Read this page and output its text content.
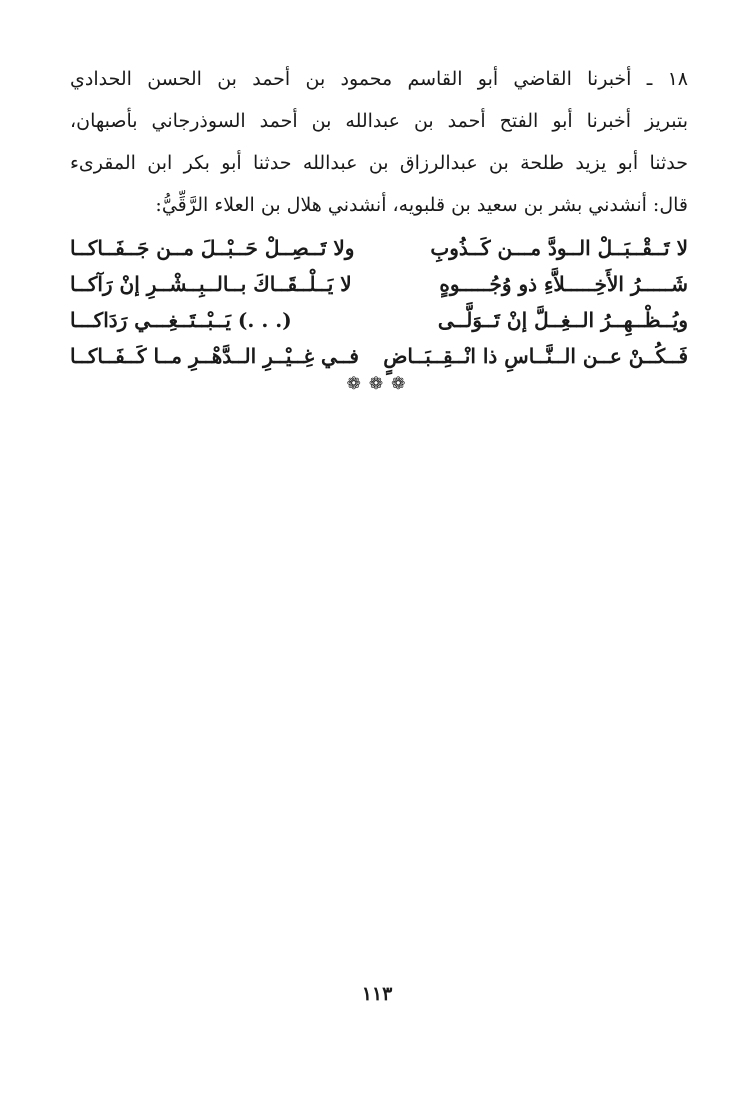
١٨ ـ أخبرنا القاضي أبو القاسم محمود بن أحمد بن الحسن الحدادي
بتبريز أخبرنا أبو الفتح أحمد بن عبدالله بن أحمد السوذرجاني بأصبهان،
حدثنا أبو يزيد طلحة بن عبدالرزاق بن عبدالله حدثنا أبو بكر ابن المقرىء
قال: أنشدني بشر بن سعيد بن قلبويه، أنشدني هلال بن العلاء الرَّقِّيُّ:
لا تَــقْــبَــلْ الــودَّ مـــن كَــذُوبِ
ولا تَــصِــلْ حَــبْــلَ مــن جَــفَــاكــا
شَـــــرُ الأَخِـــــلاَّءِ ذو وُجُـــــوهٍ
لا يَــلْــقَــاكَ بــالــبِــشْــرِ إنْ رَآكــا
ويُــظْــهِــرُ الــغِــلَّ إنْ تَــوَلَّــى
(. . .) يَــبْــتَــغِـــي رَدَاكـــا
فَــكُــنْ عــن الــنَّــاسِ ذا انْــقِــبَــاضٍ
فــي غِــيْــرِ الــدَّهْــرِ مــا كَــفَــاكــا
❁❁❁
١١٣
